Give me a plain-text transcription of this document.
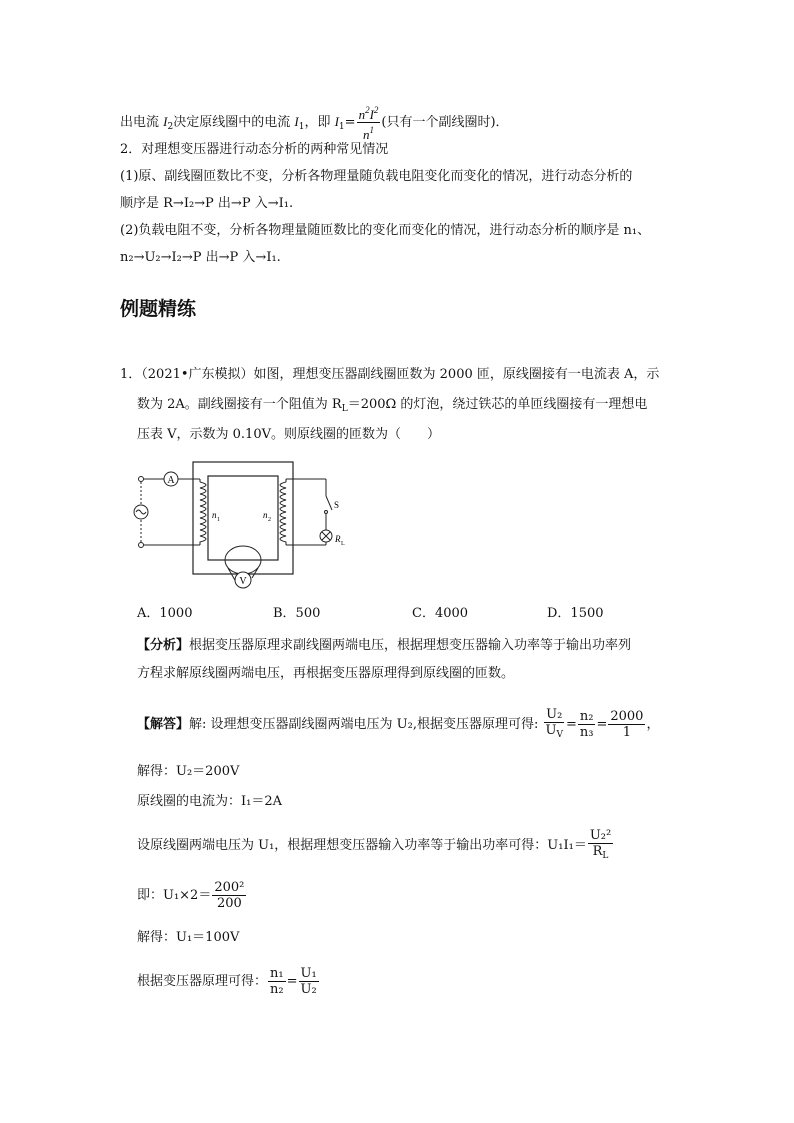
出电流 $I_2$决定原线圈中的电流 $I_1$，即 $I_1= \frac{n^2I^2}{n^1}$ (只有一个副线圈时)．
2．对理想变压器进行动态分析的两种常见情况
(1)原、副线圈匝数比不变，分析各物理量随负载电阻变化而变化的情况，进行动态分析的
顺序是 R→I₂→P 出→P 入→I₁.
(2)负载电阻不变，分析各物理量随匝数比的变化而变化的情况，进行动态分析的顺序是 n₁、
n₂→U₂→I₂→P 出→P 入→I₁.
例题精练
1．（2021•广东模拟）如图，理想变压器副线圈匝数为 2000 匝，原线圈接有一电流表 A，示
数为 2A。副线圈接有一个阻值为 $R_L=200\Omega$ 的灯泡，绕过铁芯的单匝线圈接有一理想电
压表 V，示数为 0.10V。则原线圈的匝数为（　　）
A
n 1	n 2
S
R L
V
A．1000	B．500	C．4000	D．1500
【分析】根据变压器原理求副线圈两端电压，根据理想变压器输入功率等于输出功率列
方程求解原线圈两端电压，再根据变压器原理得到原线圈的匝数。
【解答】解: 设理想变压器副线圈两端电压为 U₂,根据变压器原理可得: $\frac{\text{U₂}}{U_V} = \frac{\text{n₂}}{\text{n₃}} = \frac{2000}{1}$ ，
解得：U₂＝200V
原线圈的电流为：I₁＝2A
设原线圈两端电压为 U₁，根据理想变压器输入功率等于输出功率可得：$U_1I_1= \frac{\text{U₂²}}{R_L}$
即：$U_1\times 2= \frac{\text{200²}}{200}$
解得：U₁＝100V
根据变压器原理可得： $\frac{\text{n₁}}{\text{n₂}} = \frac{\text{U₁}}{\text{U₂}}$
